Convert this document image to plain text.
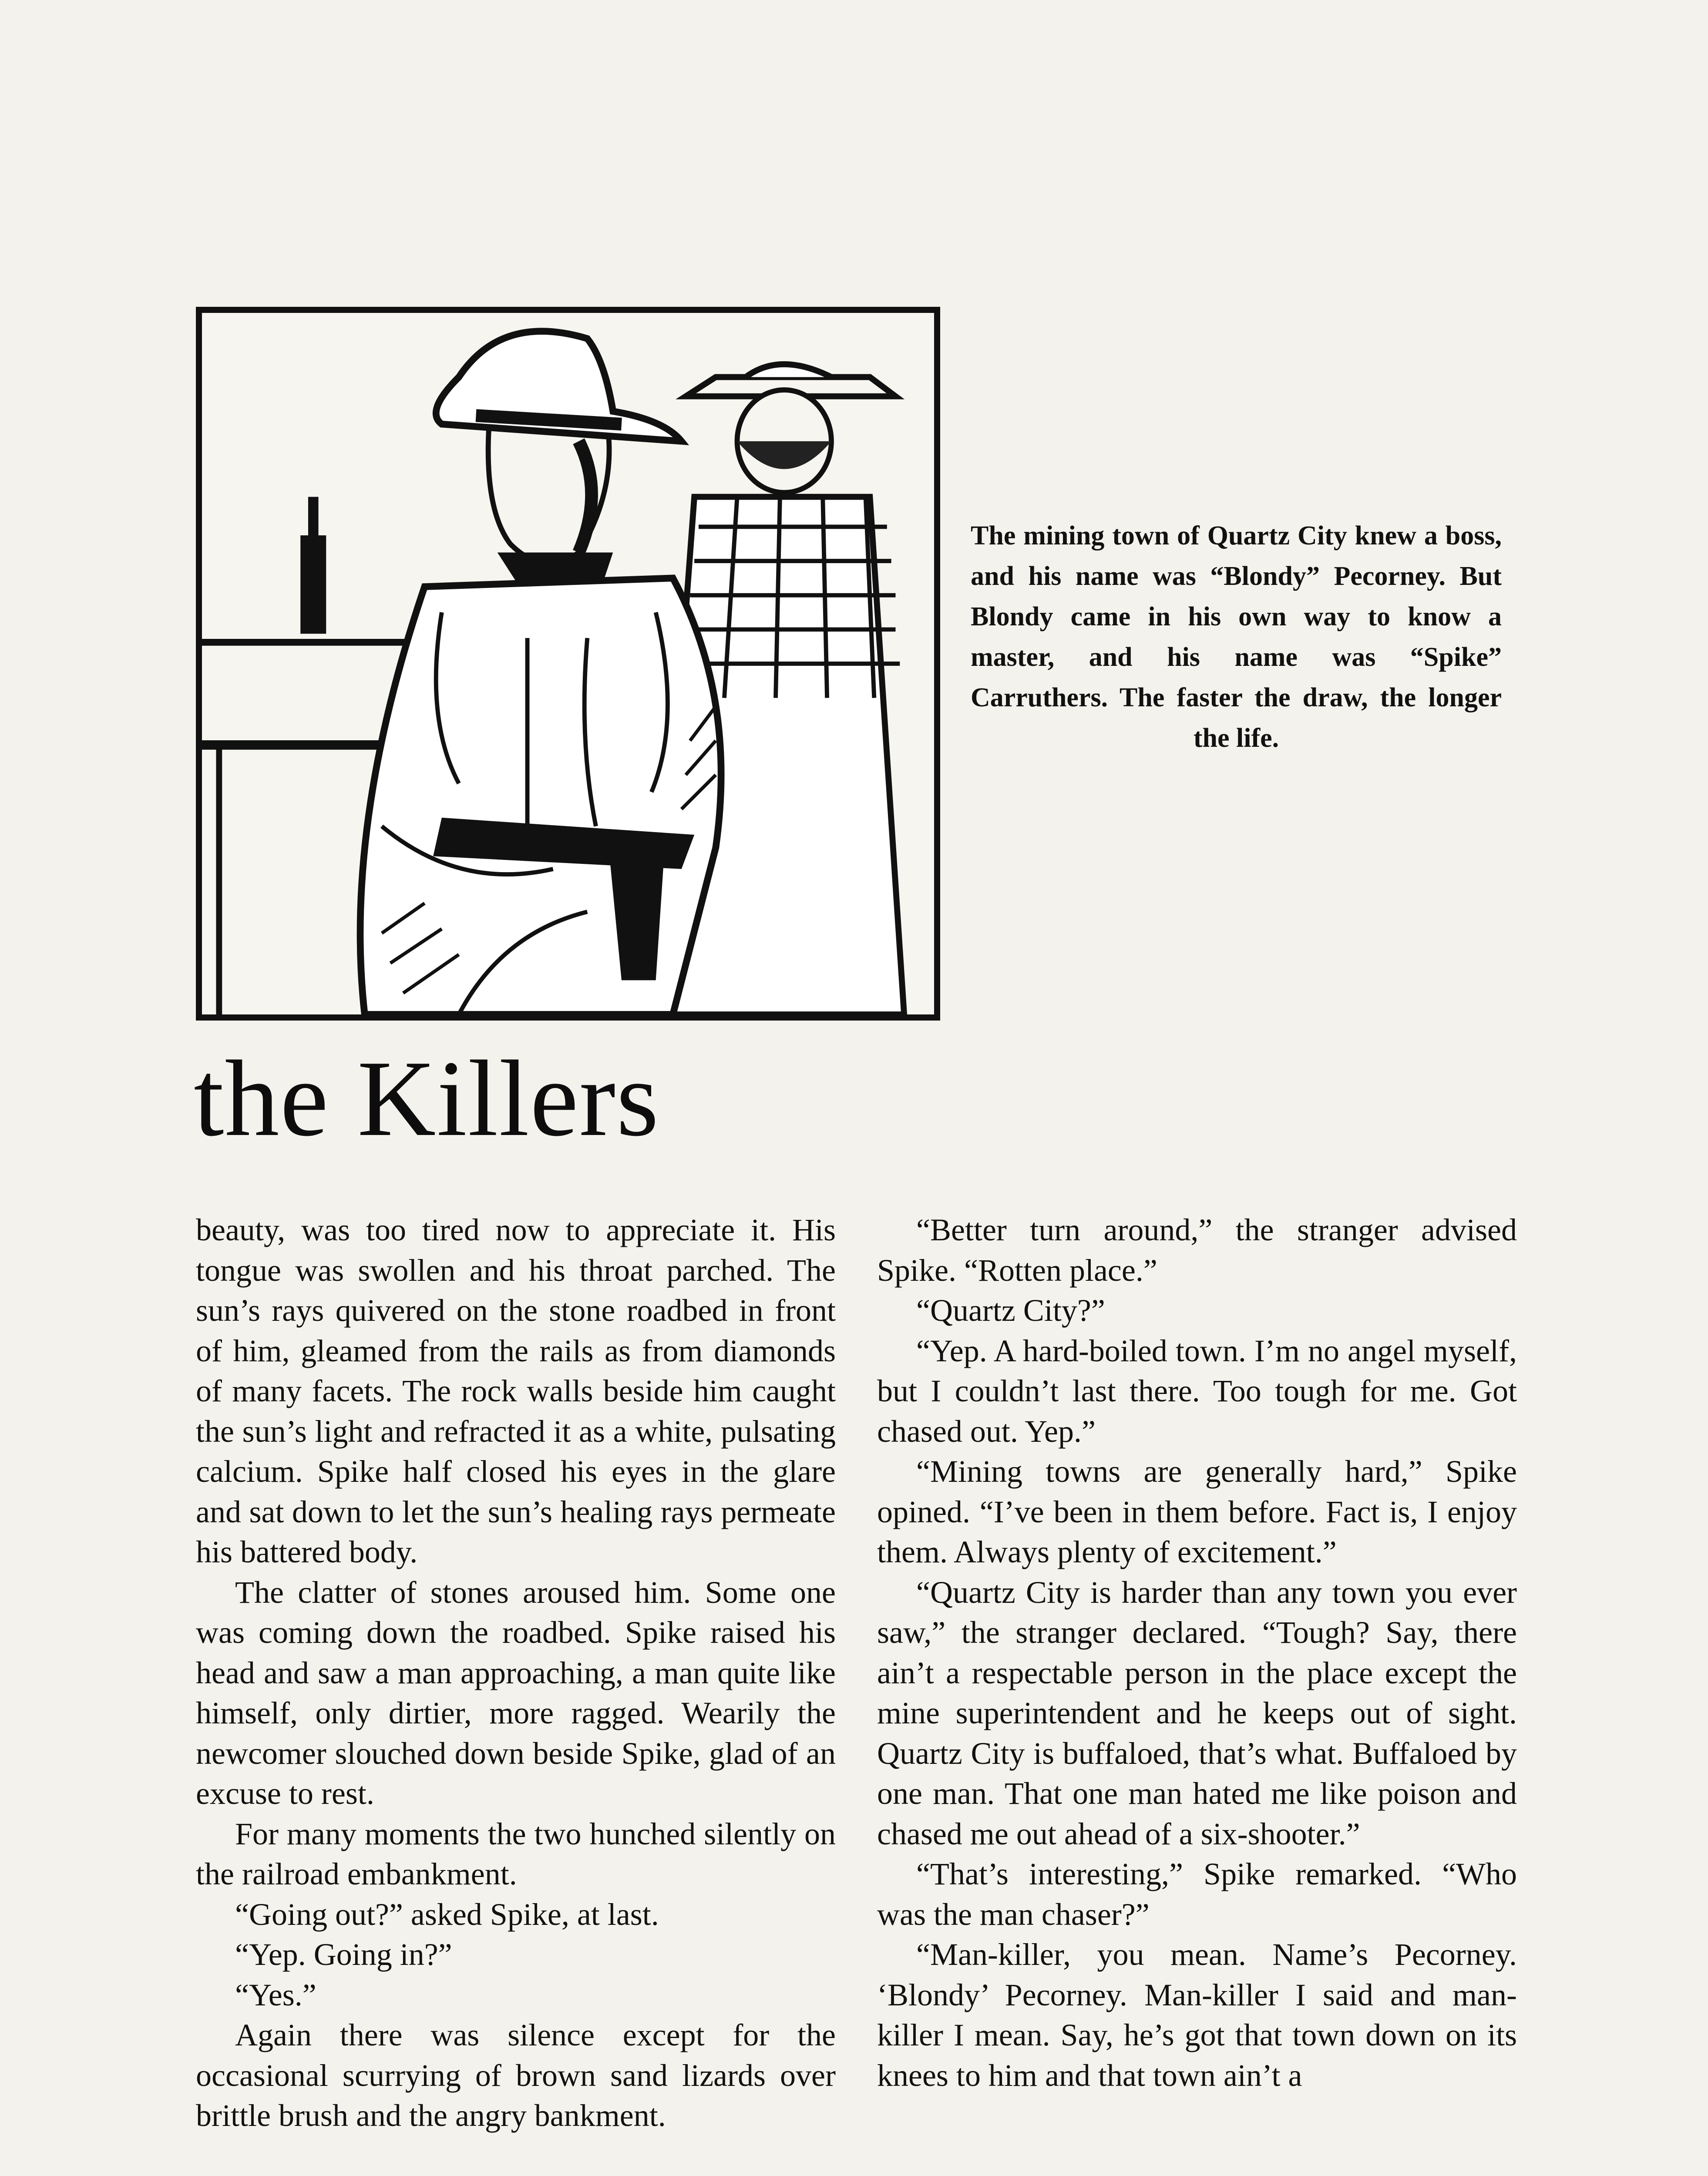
The mining town of Quartz City knew a boss, and his name was “Blondy” Pecorney. But Blondy came in his own way to know a master, and his name was “Spike” Carruthers. The faster the draw, the longer the life.
the Killers

beauty, was too tired now to appreciate it. His tongue was swollen and his throat parched. The sun’s rays quivered on the stone roadbed in front of him, gleamed from the rails as from diamonds of many facets. The rock walls beside him caught the sun’s light and refracted it as a white, pulsating calcium. Spike half closed his eyes in the glare and sat down to let the sun’s healing rays permeate his battered body.

The clatter of stones aroused him. Some one was coming down the roadbed. Spike raised his head and saw a man approaching, a man quite like himself, only dirtier, more ragged. Wearily the newcomer slouched down beside Spike, glad of an excuse to rest.

For many moments the two hunched silently on the railroad embankment.

“Going out?” asked Spike, at last.

“Yep. Going in?”

“Yes.”

Again there was silence except for the occasional scurrying of brown sand lizards over brittle brush and the angry bankment.

“Better turn around,” the stranger advised Spike. “Rotten place.”

“Quartz City?”

“Yep. A hard-boiled town. I’m no angel myself, but I couldn’t last there. Too tough for me. Got chased out. Yep.”

“Mining towns are generally hard,” Spike opined. “I’ve been in them before. Fact is, I enjoy them. Always plenty of excitement.”

“Quartz City is harder than any town you ever saw,” the stranger declared. “Tough? Say, there ain’t a respectable person in the place except the mine superintendent and he keeps out of sight. Quartz City is buffaloed, that’s what. Buffaloed by one man. That one man hated me like poison and chased me out ahead of a six-shooter.”

“That’s interesting,” Spike remarked. “Who was the man chaser?”

“Man-killer, you mean. Name’s Pecorney. ‘Blondy’ Pecorney. Man-killer I said and man-killer I mean. Say, he’s got that town down on its knees to him and that town ain’t a
